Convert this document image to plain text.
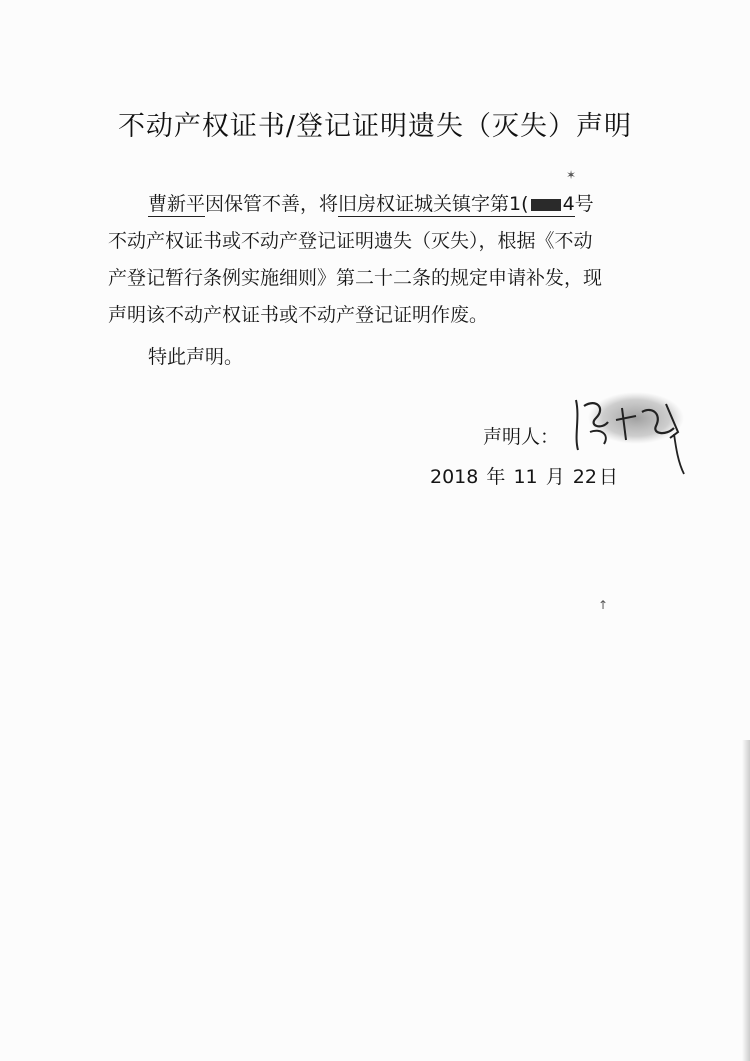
不动产权证书/登记证明遗失（灭失）声明
曹新平因保管不善，将旧房权证城关镇字第1( 4号
不动产权证书或不动产登记证明遗失（灭失），根据《不动
产登记暂行条例实施细则》第二十二条的规定申请补发，现
声明该不动产权证书或不动产登记证明作废。
特此声明。
声明人：
2018 年 11 月 22 日
✶
↑
